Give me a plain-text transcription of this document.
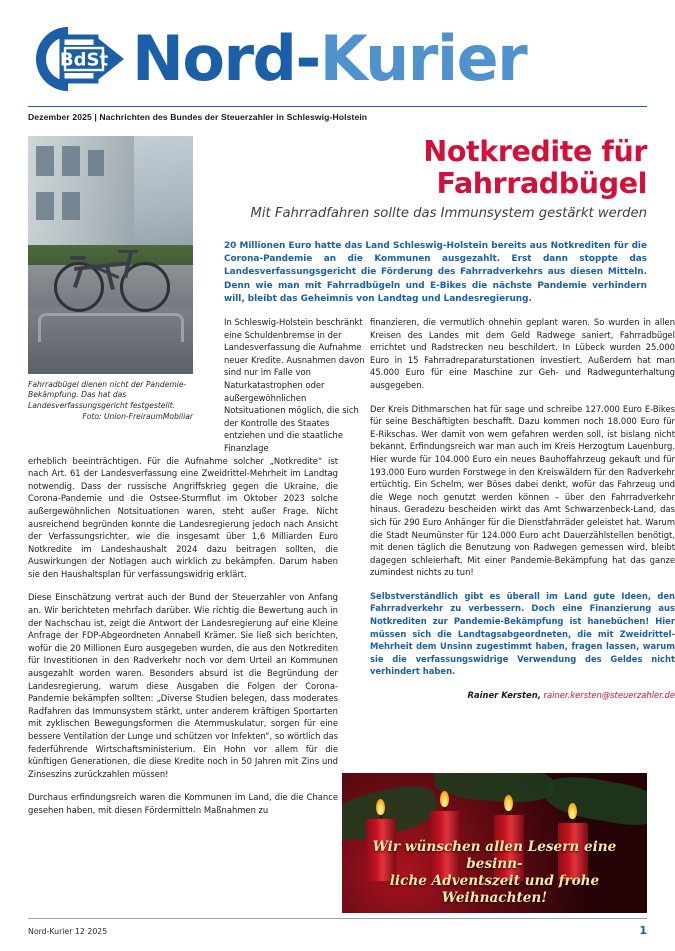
BdSt Nord-Kurier
Dezember 2025 | Nachrichten des Bundes der Steuerzahler in Schleswig-Holstein
Fahrradbügel dienen nicht der Pandemie-Bekämpfung. Das hat das Landesverfassungsgericht festgestellt.
Foto: Union-FreiraumMobiliar
Notkredite für Fahrradbügel
Mit Fahrradfahren sollte das Immunsystem gestärkt werden
20 Millionen Euro hatte das Land Schleswig-Holstein bereits aus Notkrediten für die Corona-Pandemie an die Kommunen ausgezahlt. Erst dann stoppte das Landesverfassungsgericht die Förderung des Fahrradverkehrs aus diesen Mitteln. Denn wie man mit Fahrradbügeln und E-Bikes die nächste Pandemie verhindern will, bleibt das Geheimnis von Landtag und Landesregierung.

In Schleswig-Holstein beschränkt eine Schuldenbremse in der Landesverfassung die Aufnahme neuer Kredite. Ausnahmen davon sind nur im Falle von Naturkatastrophen oder außergewöhnlichen Notsituationen möglich, die sich der Kontrolle des Staates entziehen und die staatliche Finanzlage

erheblich beeinträchtigen. Für die Aufnahme solcher „Notkredite“ ist nach Art. 61 der Landesverfassung eine Zweidrittel-Mehrheit im Landtag notwendig. Dass der russische Angriffskrieg gegen die Ukraine, die Corona-Pandemie und die Ostsee-Sturmflut im Oktober 2023 solche außergewöhnlichen Notsituationen waren, steht außer Frage. Nicht ausreichend begründen konnte die Landesregierung jedoch nach Ansicht der Verfassungsrichter, wie die insgesamt über 1,6 Milliarden Euro Notkredite im Landeshaushalt 2024 dazu beitragen sollten, die Auswirkungen der Notlagen auch wirklich zu bekämpfen. Darum haben sie den Haushaltsplan für verfassungswidrig erklärt.

Diese Einschätzung vertrat auch der Bund der Steuerzahler von Anfang an. Wir berichteten mehrfach darüber. Wie richtig die Bewertung auch in der Nachschau ist, zeigt die Antwort der Landesregierung auf eine Kleine Anfrage der FDP-Abgeordneten Annabell Krämer. Sie ließ sich berichten, wofür die 20 Millionen Euro ausgegeben wurden, die aus den Notkrediten für Investitionen in den Radverkehr noch vor dem Urteil an Kommunen ausgezahlt worden waren. Besonders absurd ist die Begründung der Landesregierung, warum diese Ausgaben die Folgen der Corona-Pandemie bekämpfen sollten: „Diverse Studien belegen, dass moderates Radfahren das Immunsystem stärkt, unter anderem kräftigen Sportarten mit zyklischen Bewegungsformen die Atemmuskulatur, sorgen für eine bessere Ventilation der Lunge und schützen vor Infekten“, so wörtlich das federführende Wirtschaftsministerium. Ein Hohn vor allem für die künftigen Generationen, die diese Kredite noch in 50 Jahren mit Zins und Zinseszins zurückzahlen müssen!

Durchaus erfindungsreich waren die Kommunen im Land, die die Chance gesehen haben, mit diesen Fördermitteln Maßnahmen zu

finanzieren, die vermutlich ohnehin geplant waren. So wurden in allen Kreisen des Landes mit dem Geld Radwege saniert, Fahrradbügel errichtet und Radstrecken neu beschildert. In Lübeck wurden 25.000 Euro in 15 Fahrradreparaturstationen investiert. Außerdem hat man 45.000 Euro für eine Maschine zur Geh- und Radwegunterhaltung ausgegeben.

Der Kreis Dithmarschen hat für sage und schreibe 127.000 Euro E-Bikes für seine Beschäftigten beschafft. Dazu kommen noch 18.000 Euro für E-Rikschas. Wer damit von wem gefahren werden soll, ist bislang nicht bekannt. Erfindungsreich war man auch im Kreis Herzogtum Lauenburg. Hier wurde für 104.000 Euro ein neues Bauhoffahrzeug gekauft und für 193.000 Euro wurden Forstwege in den Kreiswäldern für den Radverkehr ertüchtig. Ein Schelm, wer Böses dabei denkt, wofür das Fahrzeug und die Wege noch genutzt werden können – über den Fahrradverkehr hinaus. Geradezu bescheiden wirkt das Amt Schwarzenbeck-Land, das sich für 290 Euro Anhänger für die Dienstfahrräder geleistet hat. Warum die Stadt Neumünster für 124.000 Euro acht Dauerzählstellen benötigt, mit denen täglich die Benutzung von Radwegen gemessen wird, bleibt dagegen schleierhaft. Mit einer Pandemie-Bekämpfung hat das ganze zumindest nichts zu tun!

Selbstverständlich gibt es überall im Land gute Ideen, den Fahrradverkehr zu verbessern. Doch eine Finanzierung aus Notkrediten zur Pandemie-Bekämpfung ist hanebüchen! Hier müssen sich die Landtagsabgeordneten, die mit Zweidrittel-Mehrheit dem Unsinn zugestimmt haben, fragen lassen, warum sie die verfassungswidrige Verwendung des Geldes nicht verhindert haben.

Rainer Kersten, rainer.kersten@steuerzahler.de
Wir wünschen allen Lesern eine besinn-
liche Adventszeit und frohe Weihnachten!
Nord-Kurier 12 2025	1
